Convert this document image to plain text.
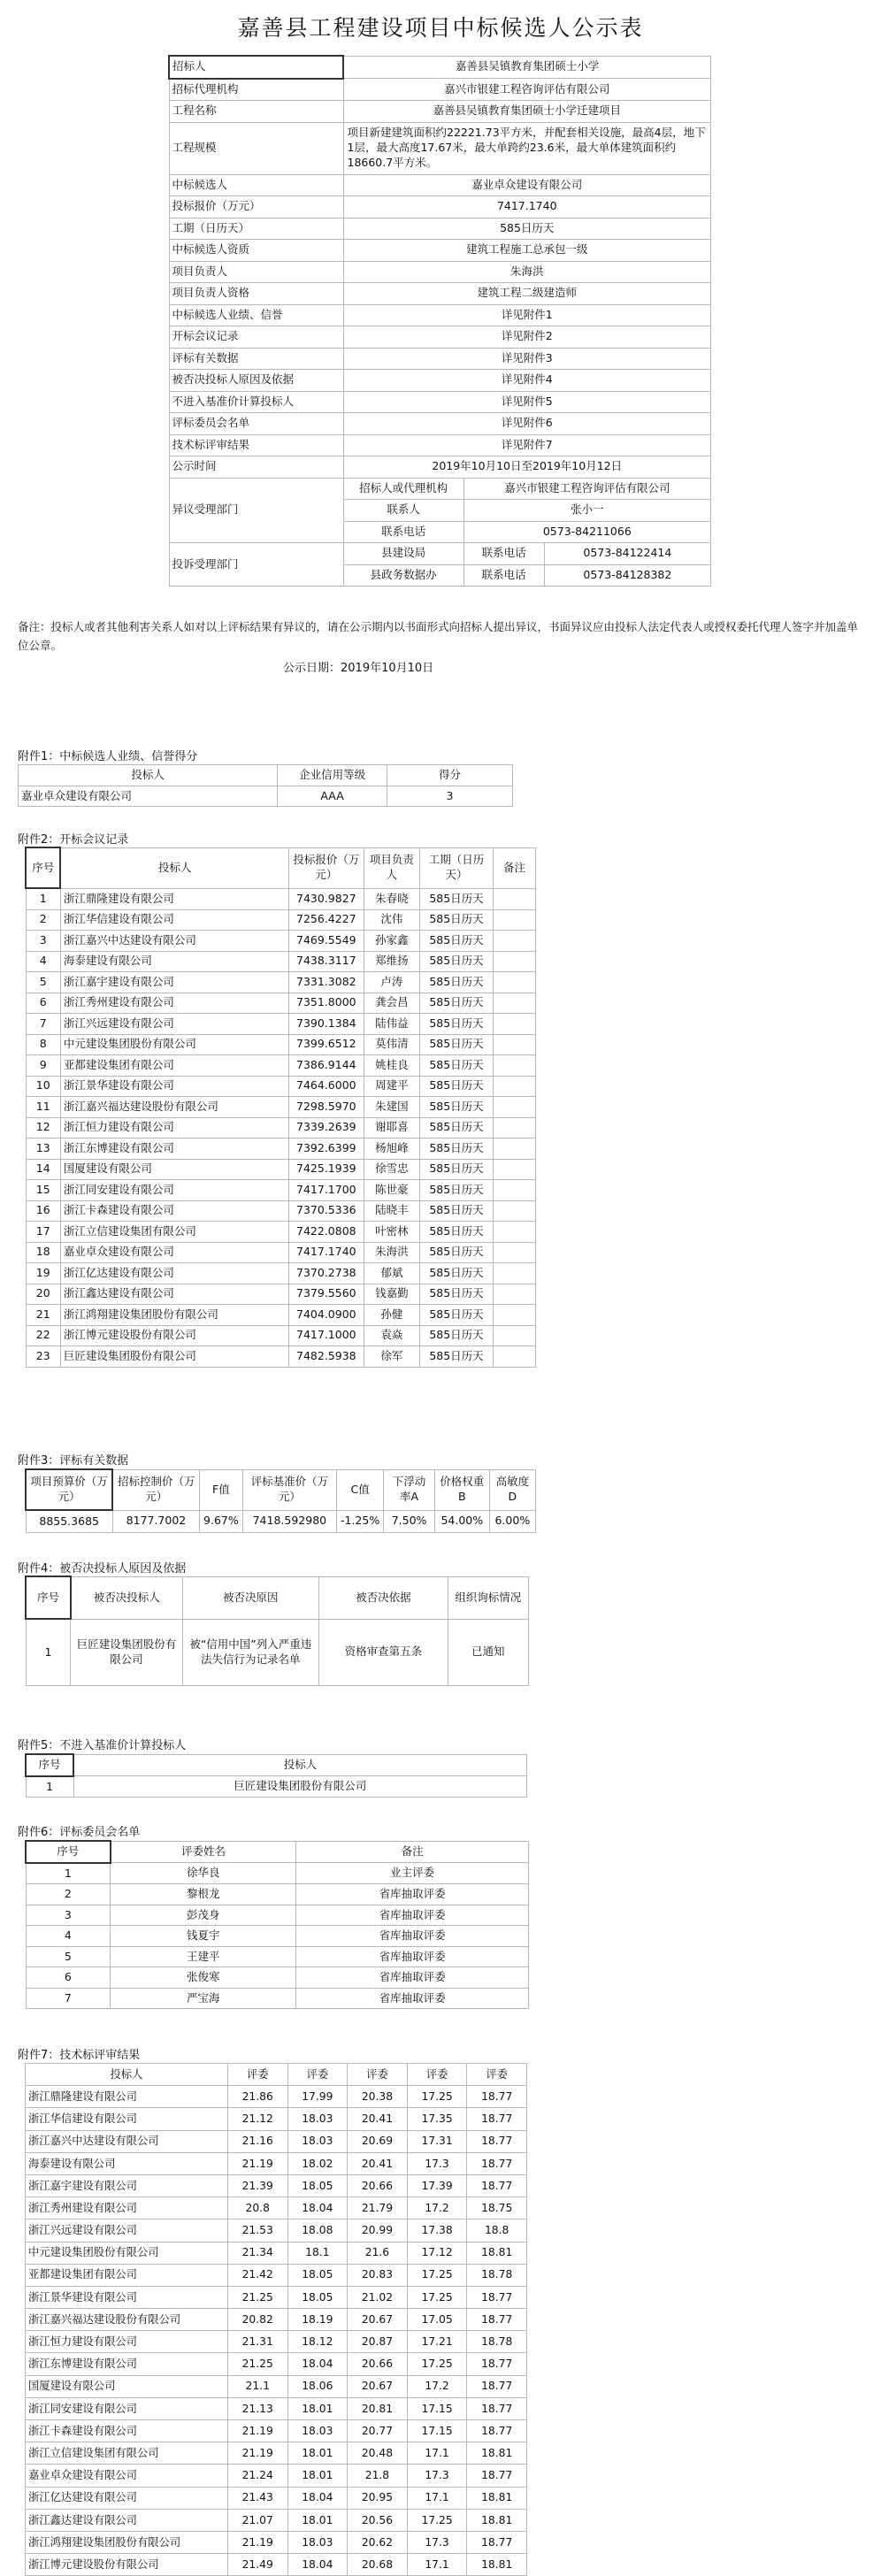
嘉善县工程建设项目中标候选人公示表
招标人	嘉善县吴镇教育集团硕士小学		
招标代理机构	嘉兴市银建工程咨询评估有限公司		
工程名称	嘉善县吴镇教育集团硕士小学迁建项目		
工程规模	项目新建建筑面积约22221.73平方米，并配套相关设施，最高4层，地下1层，最大高度17.67米，最大单跨约23.6米，最大单体建筑面积约18660.7平方米。		
中标候选人	嘉业卓众建设有限公司		
投标报价（万元）	7417.1740		
工期（日历天）	585日历天		
中标候选人资质	建筑工程施工总承包一级		
项目负责人	朱海洪		
项目负责人资格	建筑工程二级建造师		
中标候选人业绩、信誉	详见附件1		
开标会议记录	详见附件2		
评标有关数据	详见附件3		
被否决投标人原因及依据	详见附件4		
不进入基准价计算投标人	详见附件5		
评标委员会名单	详见附件6		
技术标评审结果	详见附件7		
公示时间	2019年10月10日至2019年10月12日		
异议受理部门	招标人或代理机构	嘉兴市银建工程咨询评估有限公司	
	联系人	张小一	
	联系电话	0573-84211066	
投诉受理部门	县建设局	联系电话	0573-84122414
	县政务数据办	联系电话	0573-84128382
备注：投标人或者其他利害关系人如对以上评标结果有异议的，请在公示期内以书面形式向招标人提出异议，书面异议应由投标人法定代表人或授权委托代理人签字并加盖单位公章。
公示日期：2019年10月10日
附件1：中标候选人业绩、信誉得分
投标人	企业信用等级	得分
嘉业卓众建设有限公司	AAA	3
附件2：开标会议记录
序号	投标人	投标报价（万元）	项目负责人	工期（日历天）	备注
1	浙江鼎隆建设有限公司	7430.9827	朱春晓	585日历天	
2	浙江华信建设有限公司	7256.4227	沈伟	585日历天	
3	浙江嘉兴中达建设有限公司	7469.5549	孙家鑫	585日历天	
4	海泰建设有限公司	7438.3117	郑维扬	585日历天	
5	浙江嘉宇建设有限公司	7331.3082	卢涛	585日历天	
6	浙江秀州建设有限公司	7351.8000	龚会昌	585日历天	
7	浙江兴远建设有限公司	7390.1384	陆伟益	585日历天	
8	中元建设集团股份有限公司	7399.6512	莫伟清	585日历天	
9	亚都建设集团有限公司	7386.9144	姚桂良	585日历天	
10	浙江景华建设有限公司	7464.6000	周建平	585日历天	
11	浙江嘉兴福达建设股份有限公司	7298.5970	朱建国	585日历天	
12	浙江恒力建设有限公司	7339.2639	谢耶喜	585日历天	
13	浙江东博建设有限公司	7392.6399	杨旭峰	585日历天	
14	国厦建设有限公司	7425.1939	徐雪忠	585日历天	
15	浙江同安建设有限公司	7417.1700	陈世豪	585日历天	
16	浙江卡森建设有限公司	7370.5336	陆晓丰	585日历天	
17	浙江立信建设集团有限公司	7422.0808	叶密林	585日历天	
18	嘉业卓众建设有限公司	7417.1740	朱海洪	585日历天	
19	浙江亿达建设有限公司	7370.2738	郁斌	585日历天	
20	浙江鑫达建设有限公司	7379.5560	钱嘉勤	585日历天	
21	浙江鸿翔建设集团股份有限公司	7404.0900	孙健	585日历天	
22	浙江博元建设股份有限公司	7417.1000	袁焱	585日历天	
23	巨匠建设集团股份有限公司	7482.5938	徐军	585日历天	
附件3：评标有关数据
项目预算价（万元）	招标控制价（万元）	F值	评标基准价（万元）	C值	下浮动率A	价格权重B	高敏度D
8855.3685	8177.7002	9.67%	7418.592980	-1.25%	7.50%	54.00%	6.00%
附件4：被否决投标人原因及依据
序号	被否决投标人	被否决原因	被否决依据	组织询标情况
1	巨匠建设集团股份有限公司	被“信用中国”列入严重违法失信行为记录名单	资格审查第五条	已通知
附件5：不进入基准价计算投标人
序号	投标人
1	巨匠建设集团股份有限公司
附件6：评标委员会名单
序号	评委姓名	备注
1	徐华良	业主评委
2	黎根龙	省库抽取评委
3	彭茂身	省库抽取评委
4	钱夏宇	省库抽取评委
5	王建平	省库抽取评委
6	张俊寒	省库抽取评委
7	严宝海	省库抽取评委
附件7：技术标评审结果
投标人	评委	评委	评委	评委	评委
浙江鼎隆建设有限公司	21.86	17.99	20.38	17.25	18.77
浙江华信建设有限公司	21.12	18.03	20.41	17.35	18.77
浙江嘉兴中达建设有限公司	21.16	18.03	20.69	17.31	18.77
海泰建设有限公司	21.19	18.02	20.41	17.3	18.77
浙江嘉宇建设有限公司	21.39	18.05	20.66	17.39	18.77
浙江秀州建设有限公司	20.8	18.04	21.79	17.2	18.75
浙江兴远建设有限公司	21.53	18.08	20.99	17.38	18.8
中元建设集团股份有限公司	21.34	18.1	21.6	17.12	18.81
亚都建设集团有限公司	21.42	18.05	20.83	17.25	18.78
浙江景华建设有限公司	21.25	18.05	21.02	17.25	18.77
浙江嘉兴福达建设股份有限公司	20.82	18.19	20.67	17.05	18.77
浙江恒力建设有限公司	21.31	18.12	20.87	17.21	18.78
浙江东博建设有限公司	21.25	18.04	20.66	17.25	18.77
国厦建设有限公司	21.1	18.06	20.67	17.2	18.77
浙江同安建设有限公司	21.13	18.01	20.81	17.15	18.77
浙江卡森建设有限公司	21.19	18.03	20.77	17.15	18.77
浙江立信建设集团有限公司	21.19	18.01	20.48	17.1	18.81
嘉业卓众建设有限公司	21.24	18.01	21.8	17.3	18.77
浙江亿达建设有限公司	21.43	18.04	20.95	17.1	18.81
浙江鑫达建设有限公司	21.07	18.01	20.56	17.25	18.81
浙江鸿翔建设集团股份有限公司	21.19	18.03	20.62	17.3	18.77
浙江博元建设股份有限公司	21.49	18.04	20.68	17.1	18.81
